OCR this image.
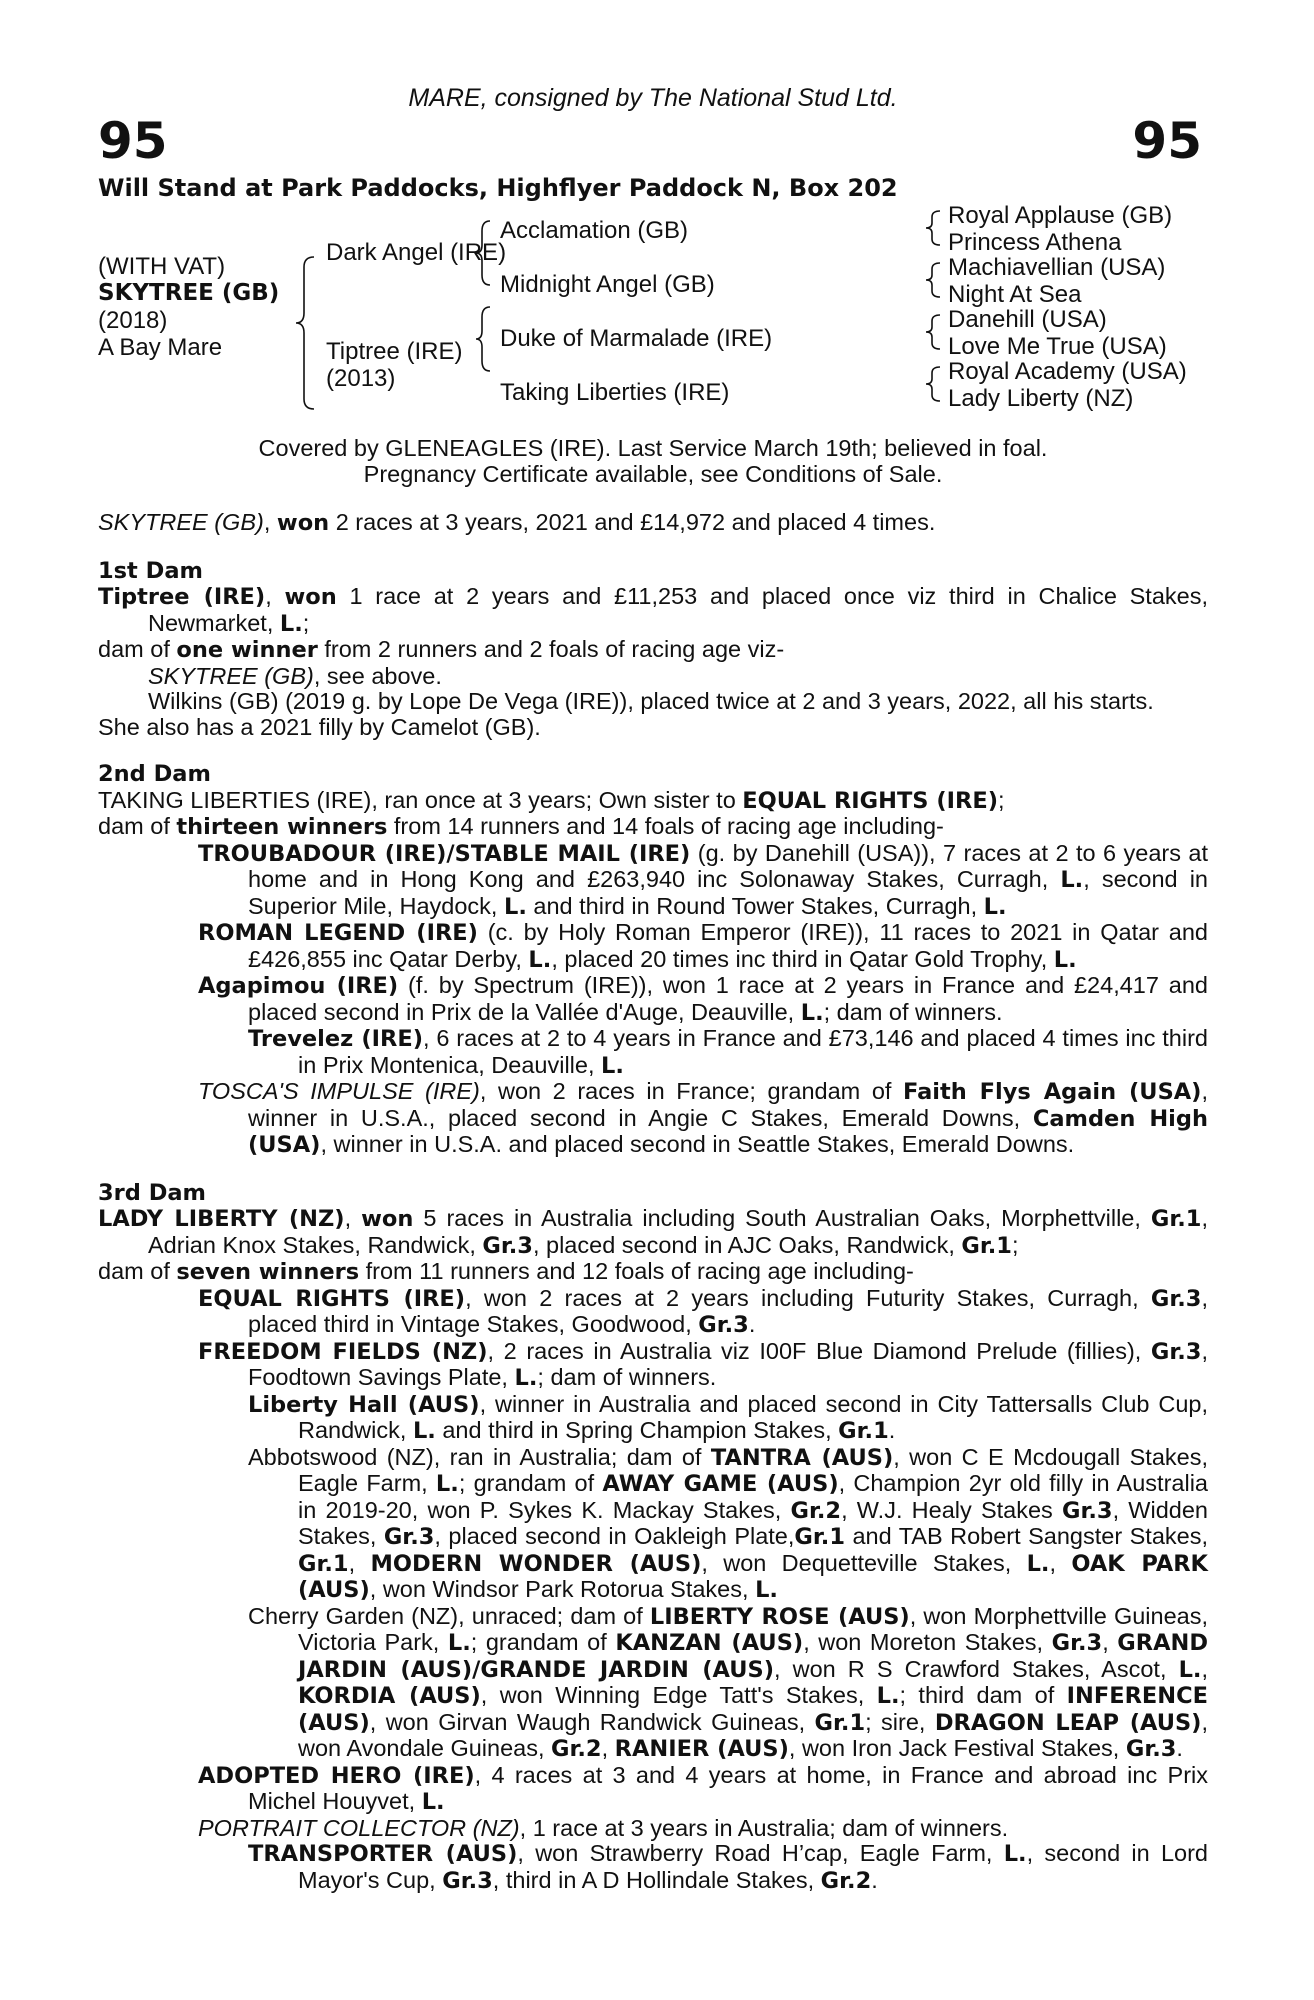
95	95
MARE, consigned by The National Stud Ltd.
Will Stand at Park Paddocks, Highflyer Paddock N, Box 202
(WITH VAT)
SKYTREE (GB)
(2018)
A Bay Mare
Dark Angel (IRE)
Tiptree (IRE)
(2013)
Acclamation (GB)
Midnight Angel (GB)
Duke of Marmalade (IRE)
Taking Liberties (IRE)
Royal Applause (GB)
Princess Athena
Machiavellian (USA)
Night At Sea
Danehill (USA)
Love Me True (USA)
Royal Academy (USA)
Lady Liberty (NZ)
Covered by GLENEAGLES (IRE). Last Service March 19th; believed in foal.
Pregnancy Certificate available, see Conditions of Sale.

SKYTREE (GB), won 2 races at 3 years, 2021 and £14,972 and placed 4 times.

1st Dam

Tiptree (IRE), won 1 race at 2 years and £11,253 and placed once viz third in Chalice Stakes, Newmarket, L.;

dam of one winner from 2 runners and 2 foals of racing age viz-

SKYTREE (GB), see above.

Wilkins (GB) (2019 g. by Lope De Vega (IRE)), placed twice at 2 and 3 years, 2022, all his starts.

She also has a 2021 filly by Camelot (GB).

2nd Dam

TAKING LIBERTIES (IRE), ran once at 3 years; Own sister to EQUAL RIGHTS (IRE);

dam of thirteen winners from 14 runners and 14 foals of racing age including-

TROUBADOUR (IRE)/STABLE MAIL (IRE) (g. by Danehill (USA)), 7 races at 2 to 6 years at home and in Hong Kong and £263,940 inc Solonaway Stakes, Curragh, L., second in Superior Mile, Haydock, L. and third in Round Tower Stakes, Curragh, L.

ROMAN LEGEND (IRE) (c. by Holy Roman Emperor (IRE)), 11 races to 2021 in Qatar and £426,855 inc Qatar Derby, L., placed 20 times inc third in Qatar Gold Trophy, L.

Agapimou (IRE) (f. by Spectrum (IRE)), won 1 race at 2 years in France and £24,417 and placed second in Prix de la Vallée d'Auge, Deauville, L.; dam of winners.

Trevelez (IRE), 6 races at 2 to 4 years in France and £73,146 and placed 4 times inc third in Prix Montenica, Deauville, L.

TOSCA'S IMPULSE (IRE), won 2 races in France; grandam of Faith Flys Again (USA), winner in U.S.A., placed second in Angie C Stakes, Emerald Downs, Camden High (USA), winner in U.S.A. and placed second in Seattle Stakes, Emerald Downs.

3rd Dam

LADY LIBERTY (NZ), won 5 races in Australia including South Australian Oaks, Morphettville, Gr.1, Adrian Knox Stakes, Randwick, Gr.3, placed second in AJC Oaks, Randwick, Gr.1;

dam of seven winners from 11 runners and 12 foals of racing age including-

EQUAL RIGHTS (IRE), won 2 races at 2 years including Futurity Stakes, Curragh, Gr.3, placed third in Vintage Stakes, Goodwood, Gr.3.

FREEDOM FIELDS (NZ), 2 races in Australia viz I00F Blue Diamond Prelude (fillies), Gr.3, Foodtown Savings Plate, L.; dam of winners.

Liberty Hall (AUS), winner in Australia and placed second in City Tattersalls Club Cup, Randwick, L. and third in Spring Champion Stakes, Gr.1.

Abbotswood (NZ), ran in Australia; dam of TANTRA (AUS), won C E Mcdougall Stakes, Eagle Farm, L.; grandam of AWAY GAME (AUS), Champion 2yr old filly in Australia in 2019-20, won P. Sykes K. Mackay Stakes, Gr.2, W.J. Healy Stakes Gr.3, Widden Stakes, Gr.3, placed second in Oakleigh Plate,Gr.1 and TAB Robert Sangster Stakes, Gr.1, MODERN WONDER (AUS), won Dequetteville Stakes, L., OAK PARK (AUS), won Windsor Park Rotorua Stakes, L.

Cherry Garden (NZ), unraced; dam of LIBERTY ROSE (AUS), won Morphettville Guineas, Victoria Park, L.; grandam of KANZAN (AUS), won Moreton Stakes, Gr.3, GRAND JARDIN (AUS)/GRANDE JARDIN (AUS), won R S Crawford Stakes, Ascot, L., KORDIA (AUS), won Winning Edge Tatt's Stakes, L.; third dam of INFERENCE (AUS), won Girvan Waugh Randwick Guineas, Gr.1; sire, DRAGON LEAP (AUS), won Avondale Guineas, Gr.2, RANIER (AUS), won Iron Jack Festival Stakes, Gr.3.

ADOPTED HERO (IRE), 4 races at 3 and 4 years at home, in France and abroad inc Prix Michel Houyvet, L.

PORTRAIT COLLECTOR (NZ), 1 race at 3 years in Australia; dam of winners.

TRANSPORTER (AUS), won Strawberry Road H’cap, Eagle Farm, L., second in Lord Mayor's Cup, Gr.3, third in A D Hollindale Stakes, Gr.2.
